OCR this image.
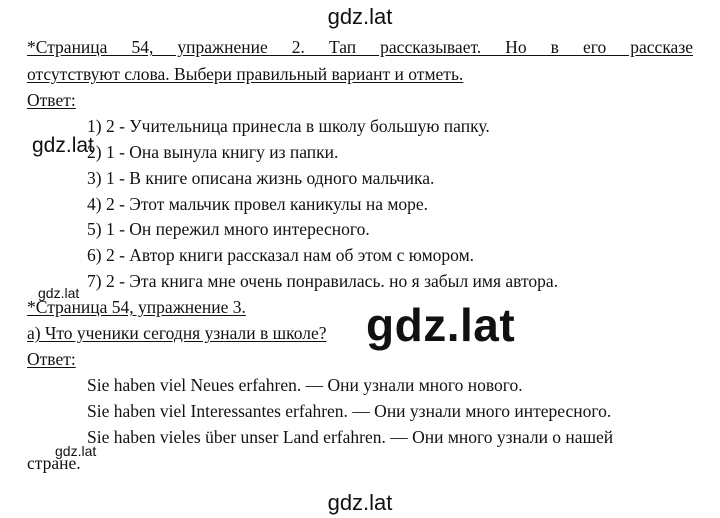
gdz.lat
*Страница 54, упражнение 2. Тап рассказывает. Но в его рассказе
отсутствуют слова. Выбери правильный вариант и отметь.
Ответ:
1) 2 - Учительница принесла в школу большую папку.
2) 1 - Она вынула книгу из папки.
3) 1 - В книге описана жизнь одного мальчика.
4) 2 - Этот мальчик провел каникулы на море.
5) 1 - Он пережил много интересного.
6) 2 - Автор книги рассказал нам об этом с юмором.
7) 2 - Эта книга мне очень понравилась. но я забыл имя автора.
*Страница 54, упражнение 3.
а) Что ученики сегодня узнали в школе?
Ответ:
Sie haben viel Neues erfahren. — Они узнали много нового.
Sie haben viel Interessantes erfahren. — Они узнали много интересного.
Sie haben vieles über unser Land erfahren. — Они много узнали о нашей
стране.
gdz.lat
gdz.lat
gdz.lat
gdz.lat
gdz.lat
